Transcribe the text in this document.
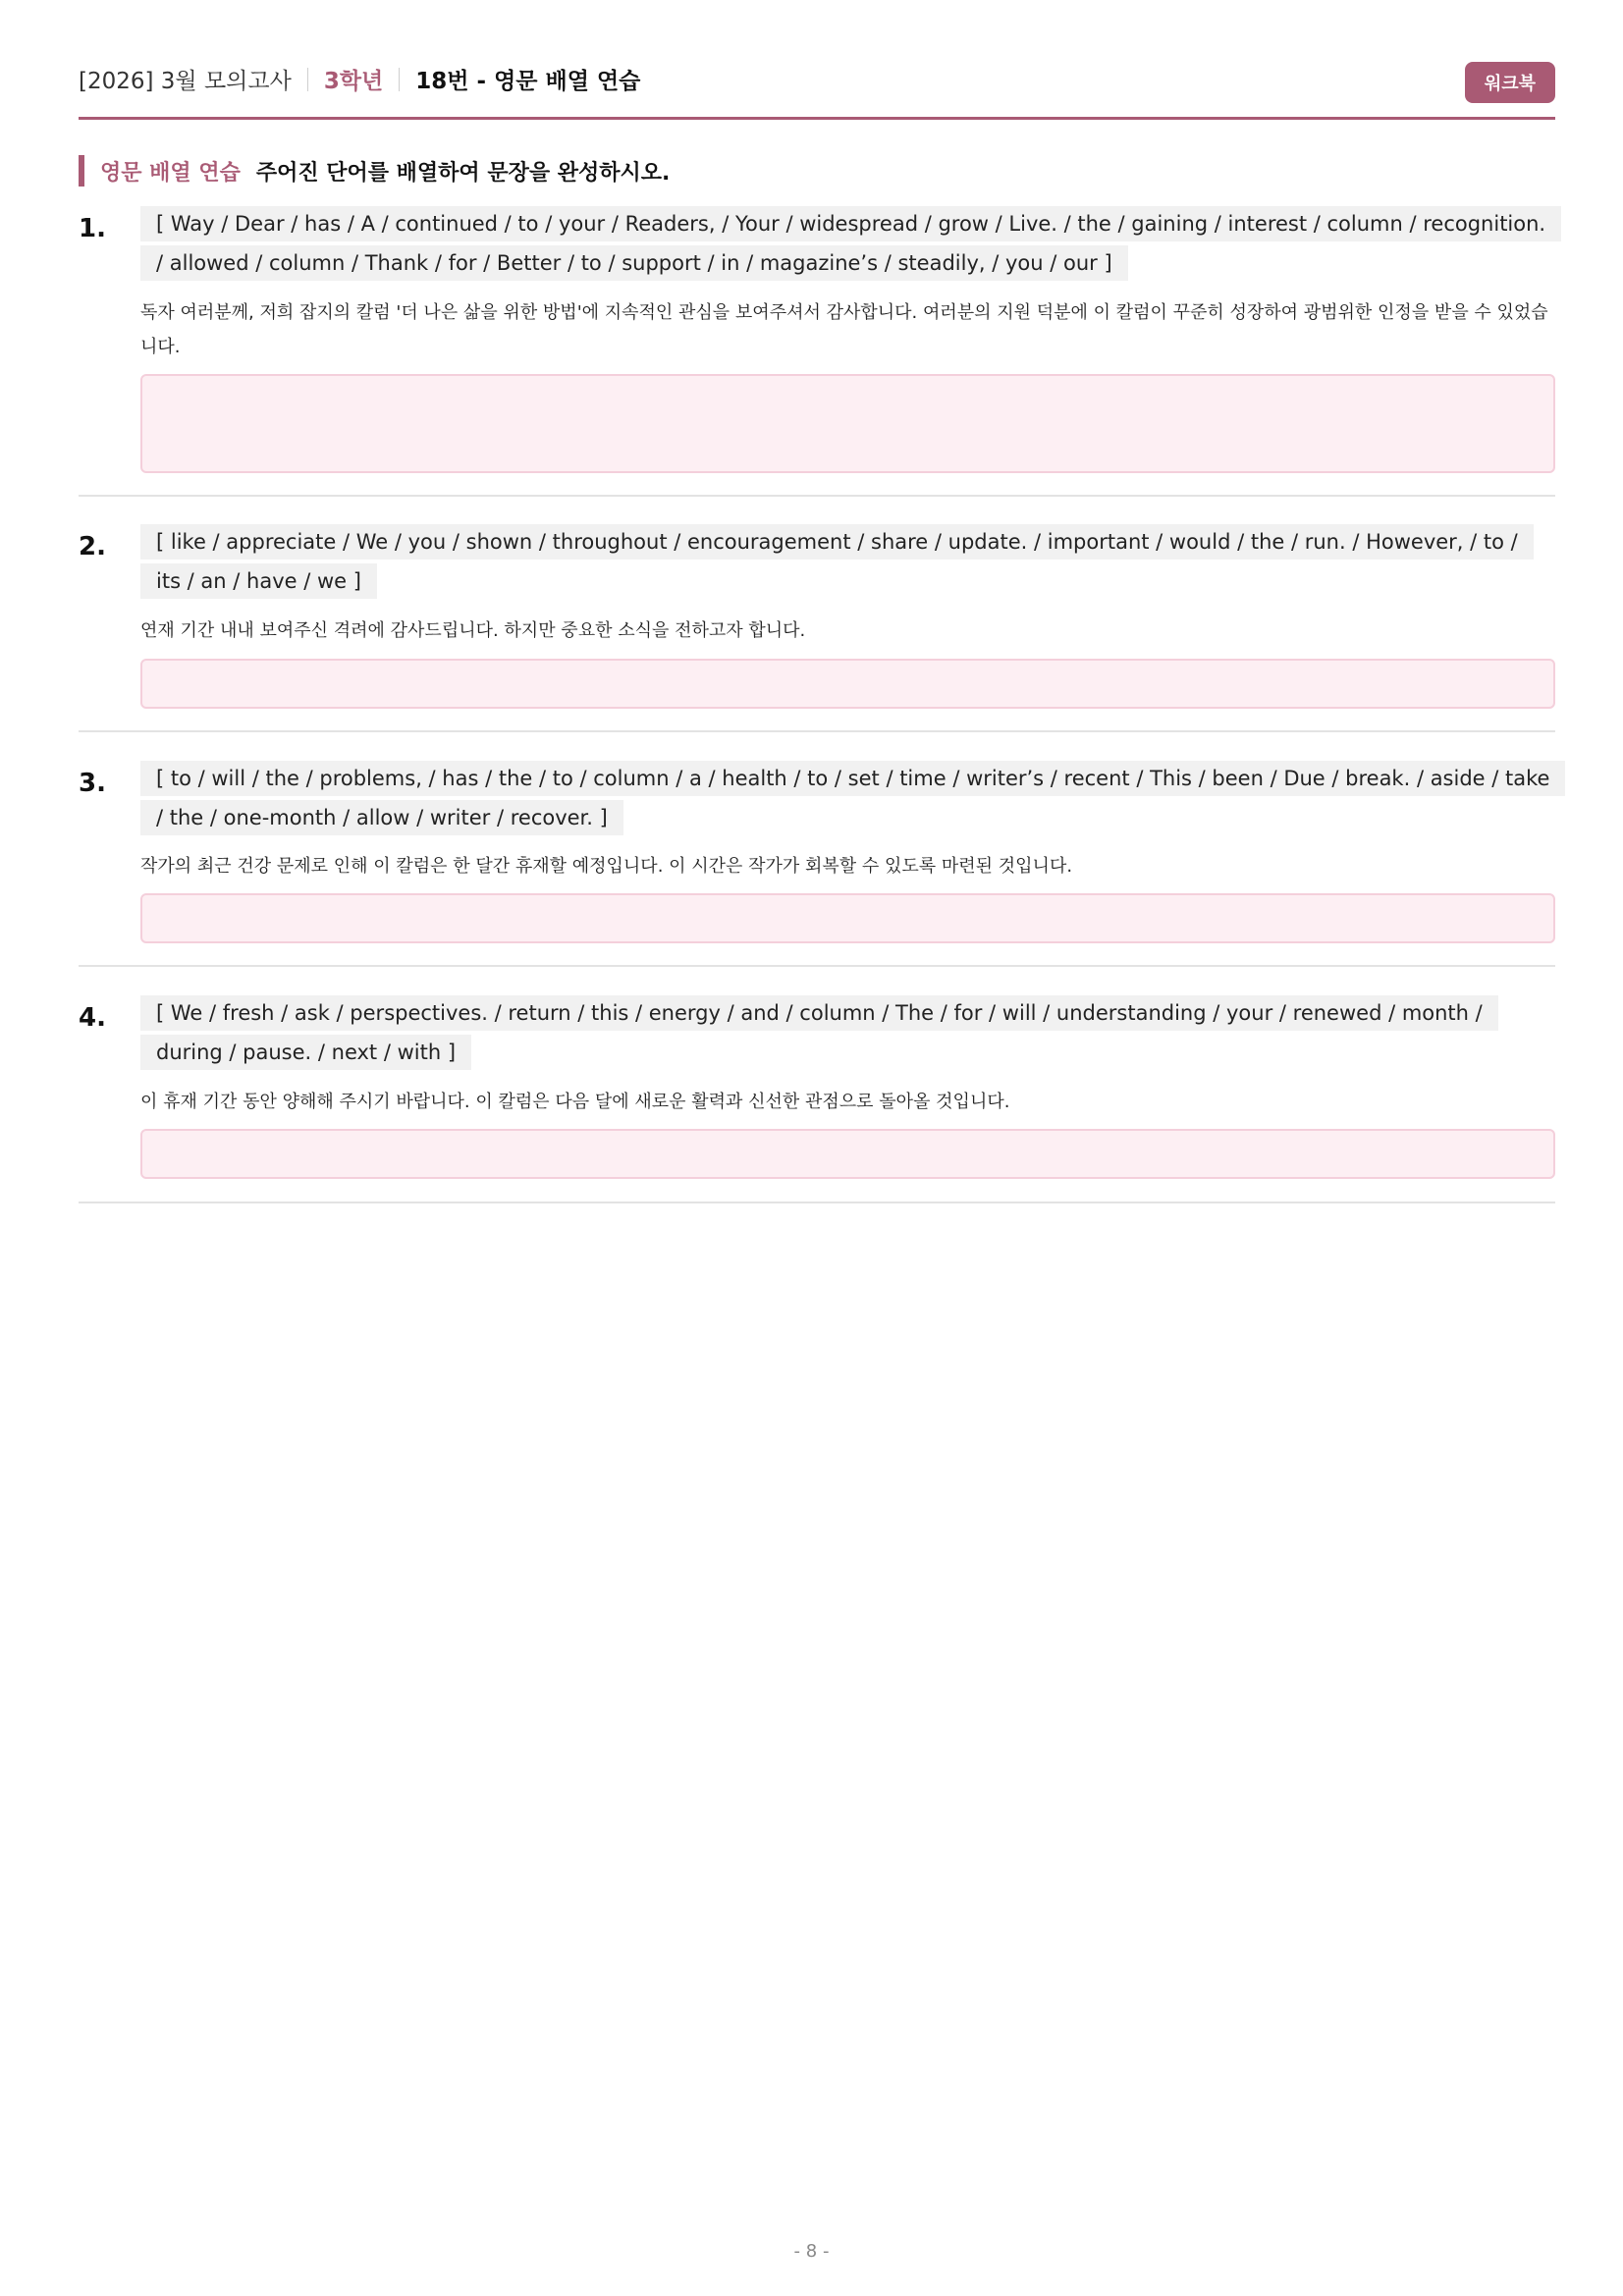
[2026] 3월 모의고사 3학년 18번 - 영문 배열 연습	워크북
영문 배열 연습 주어진 단어를 배열하여 문장을 완성하시오.
1.	[ Way / Dear / has / A / continued / to / your / Readers, / Your / widespread / grow / Live. / the / gaining / interest / column / recognition. / allowed / column / Thank / for / Better / to / support / in / magazine’s / steadily, / you / our ]
독자 여러분께, 저희 잡지의 칼럼 '더 나은 삶을 위한 방법'에 지속적인 관심을 보여주셔서 감사합니다. 여러분의 지원 덕분에 이 칼럼이 꾸준히 성장하여 광범위한 인정을 받을 수 있었습니다.
2.	[ like / appreciate / We / you / shown / throughout / encouragement / share / update. / important / would / the / run. / However, / to / its / an / have / we ]
연재 기간 내내 보여주신 격려에 감사드립니다. 하지만 중요한 소식을 전하고자 합니다.
3.	[ to / will / the / problems, / has / the / to / column / a / health / to / set / time / writer’s / recent / This / been / Due / break. / aside / take / the / one-month / allow / writer / recover. ]
작가의 최근 건강 문제로 인해 이 칼럼은 한 달간 휴재할 예정입니다. 이 시간은 작가가 회복할 수 있도록 마련된 것입니다.
4.	[ We / fresh / ask / perspectives. / return / this / energy / and / column / The / for / will / understanding / your / renewed / month / during / pause. / next / with ]
이 휴재 기간 동안 양해해 주시기 바랍니다. 이 칼럼은 다음 달에 새로운 활력과 신선한 관점으로 돌아올 것입니다.
- 8 -
